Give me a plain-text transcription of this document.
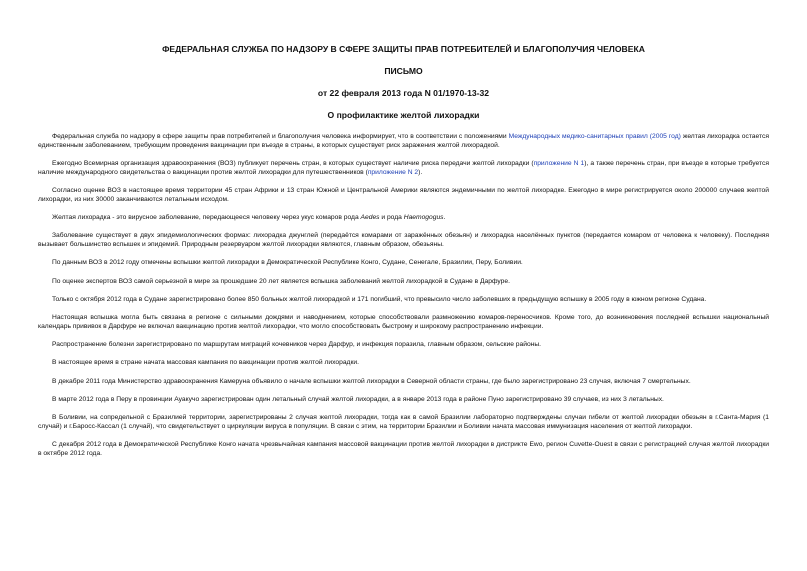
ФЕДЕРАЛЬНАЯ СЛУЖБА ПО НАДЗОРУ В СФЕРЕ ЗАЩИТЫ ПРАВ ПОТРЕБИТЕЛЕЙ И БЛАГОПОЛУЧИЯ ЧЕЛОВЕКА
ПИСЬМО
от 22 февраля 2013 года N 01/1970-13-32
О профилактике желтой лихорадки

Федеральная служба по надзору в сфере защиты прав потребителей и благополучия человека информирует, что в соответствии с положениями Международных медико-санитарных правил (2005 год) желтая лихорадка остается единственным заболеванием, требующим проведения вакцинации при въезде в страны, в которых существует риск заражения желтой лихорадкой.

Ежегодно Всемирная организация здравоохранения (ВОЗ) публикует перечень стран, в которых существует наличие риска передачи желтой лихорадки (приложение N 1), а также перечень стран, при въезде в которые требуется наличие международного свидетельства о вакцинации против желтой лихорадки для путешественников (приложение N 2).

Согласно оценке ВОЗ в настоящее время территории 45 стран Африки и 13 стран Южной и Центральной Америки являются эндемичными по желтой лихорадке. Ежегодно в мире регистрируется около 200000 случаев желтой лихорадки, из них 30000 заканчиваются летальным исходом.

Желтая лихорадка - это вирусное заболевание, передающееся человеку через укус комаров рода Aedes и рода Haemogogus.

Заболевание существует в двух эпидемиологических формах: лихорадка джунглей (передаётся комарами от заражённых обезьян) и лихорадка населённых пунктов (передается комаром от человека к человеку). Последняя вызывает большинство вспышек и эпидемий. Природным резервуаром желтой лихорадки являются, главным образом, обезьяны.

По данным ВОЗ в 2012 году отмечены вспышки желтой лихорадки в Демократической Республике Конго, Судане, Сенегале, Бразилии, Перу, Боливии.

По оценке экспертов ВОЗ самой серьезной в мире за прошедшие 20 лет является вспышка заболеваний желтой лихорадкой в Судане в Дарфуре.

Только с октября 2012 года в Судане зарегистрировано более 850 больных желтой лихорадкой и 171 погибший, что превысило число заболевших в предыдущую вспышку в 2005 году в южном регионе Судана.

Настоящая вспышка могла быть связана в регионе с сильными дождями и наводнением, которые способствовали размножению комаров-переносчиков. Кроме того, до возникновения последней вспышки национальный календарь прививок в Дарфуре не включал вакцинацию против желтой лихорадки, что могло способствовать быстрому и широкому распространению инфекции.

Распространение болезни зарегистрировано по маршрутам миграций кочевников через Дарфур, и инфекция поразила, главным образом, сельские районы.

В настоящее время в стране начата массовая кампания по вакцинации против желтой лихорадки.

В декабре 2011 года Министерство здравоохранения Камеруна объявило о начале вспышки желтой лихорадки в Северной области страны, где было зарегистрировано 23 случая, включая 7 смертельных.

В марте 2012 года в Перу в провинции Ауакучо зарегистрирован один летальный случай желтой лихорадки, а в январе 2013 года в районе Пуно зарегистрировано 39 случаев, из них 3 летальных.

В Боливии, на сопредельной с Бразилией территории, зарегистрированы 2 случая желтой лихорадки, тогда как в самой Бразилии лабораторно подтверждены случаи гибели от желтой лихорадки обезьян в г.Санта-Мария (1 случай) и г.Баросс-Кассал (1 случай), что свидетельствует о циркуляции вируса в популяции. В связи с этим, на территории Бразилии и Боливии начата массовая иммунизация населения от желтой лихорадки.

С декабря 2012 года в Демократической Республике Конго начата чрезвычайная кампания массовой вакцинации против желтой лихорадки в дистрикте Ewo, регион Cuvette-Ouest в связи с регистрацией случая желтой лихорадки в октябре 2012 года.
